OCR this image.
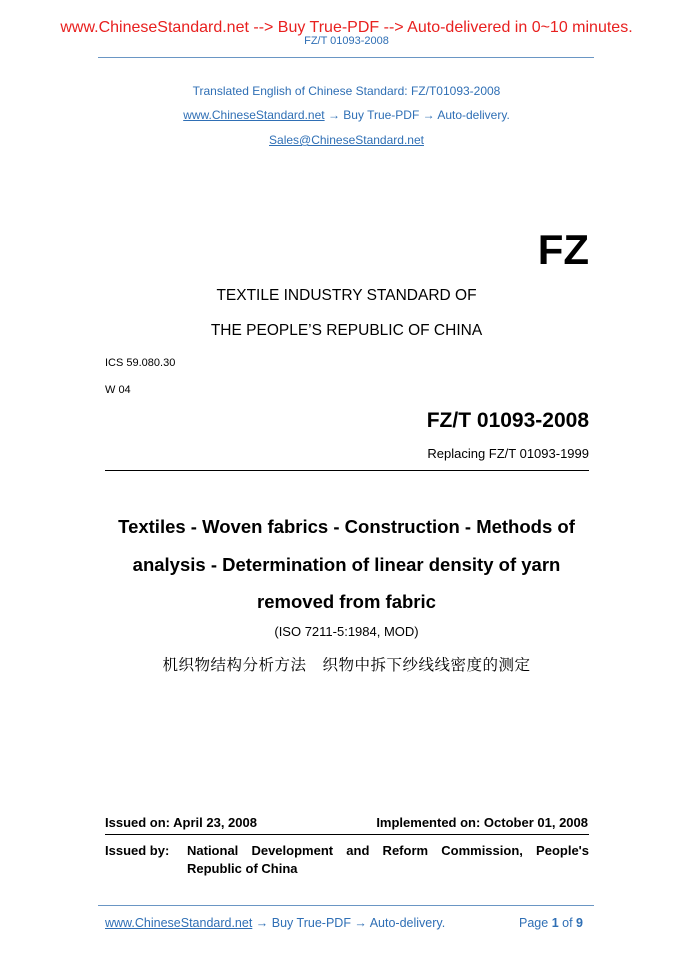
www.ChineseStandard.net --> Buy True-PDF --> Auto-delivered in 0~10 minutes.
FZ/T 01093-2008
Translated English of Chinese Standard: FZ/T01093-2008
www.ChineseStandard.net → Buy True-PDF → Auto-delivery.
Sales@ChineseStandard.net
FZ
TEXTILE INDUSTRY STANDARD OF
THE PEOPLE’S REPUBLIC OF CHINA
ICS 59.080.30
W 04
FZ/T 01093-2008
Replacing FZ/T 01093-1999
Textiles - Woven fabrics - Construction - Methods of
analysis - Determination of linear density of yarn
removed from fabric
(ISO 7211-5:1984, MOD)
机织物结构分析方法　织物中拆下纱线线密度的测定
Issued on: April 23, 2008	Implemented on: October 01, 2008
Issued by:	National Development and Reform Commission, People's
Republic of China
www.ChineseStandard.net → Buy True-PDF → Auto-delivery.	Page 1 of 9
